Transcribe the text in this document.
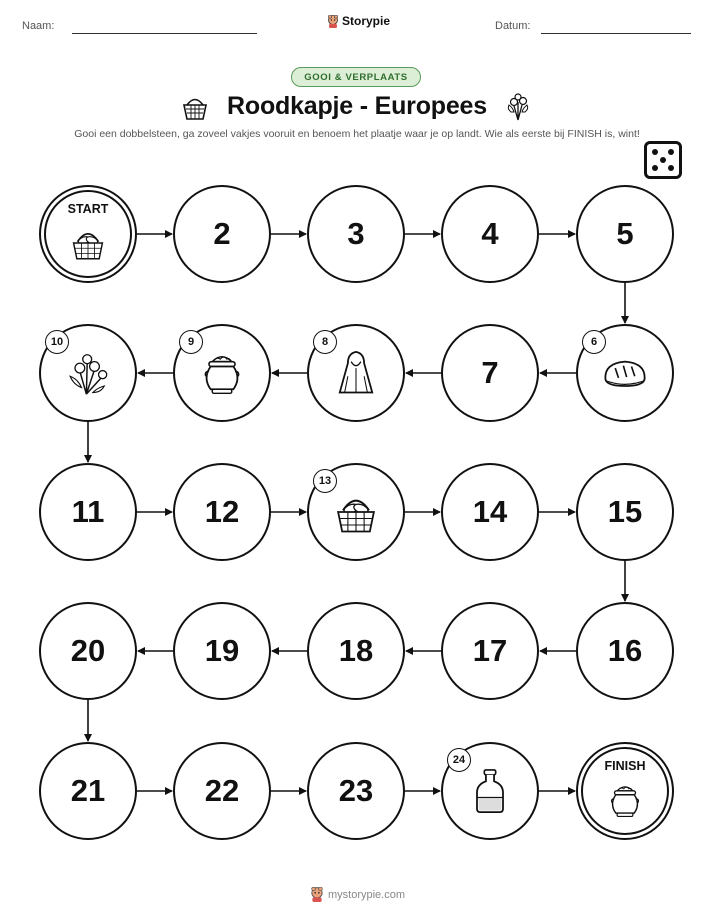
Naam:	Storypie	Datum:
GOOI & VERPLAATS
Roodkapje - Europees
Gooi een dobbelsteen, ga zoveel vakjes vooruit en benoem het plaatje waar je op landt. Wie als eerste bij FINISH is, wint!
START
2	3	4	5
6
7
8
9
10
11	12
13
14	15
16
17
18
19
20
21	22	23
24	FINISH
mystorypie.com
